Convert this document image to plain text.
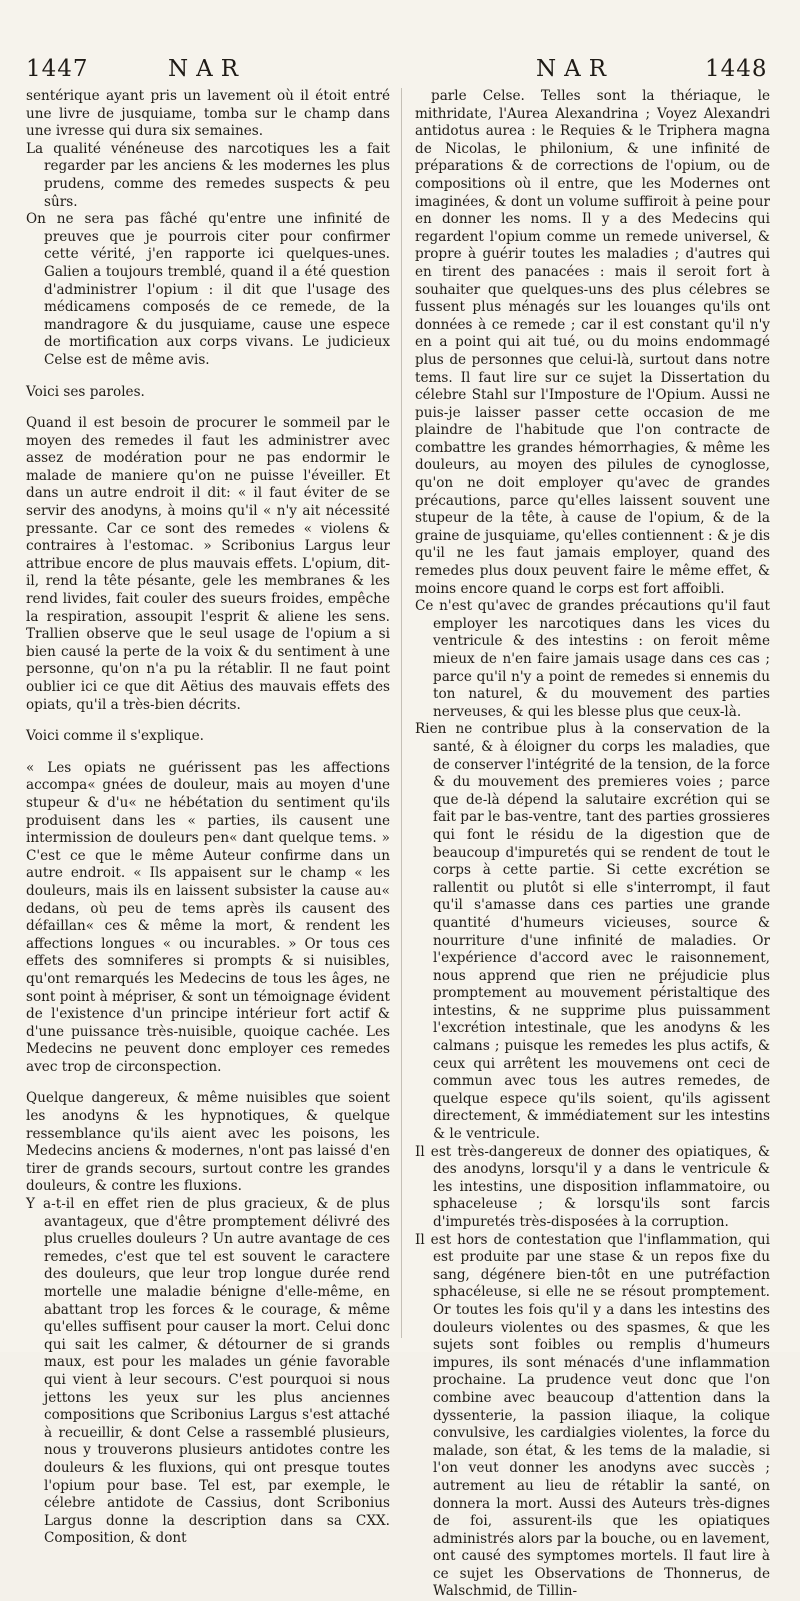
1447	NAR	NAR	1448

sentérique ayant pris un lavement où il étoit entré une livre de jusquiame, tomba sur le champ dans une ivresse qui dura six semaines.

La qualité vénéneuse des narcotiques les a fait regarder par les anciens & les modernes les plus prudens, comme des remedes suspects & peu sûrs.

On ne sera pas fâché qu'entre une infinité de preuves que je pourrois citer pour confirmer cette vérité, j'en rapporte ici quelques-unes. Galien a toujours tremblé, quand il a été question d'administrer l'opium : il dit que l'usage des médicamens composés de ce remede, de la mandragore & du jusquiame, cause une espece de mortification aux corps vivans. Le judicieux Celse est de même avis.

Voici ses paroles.

Quand il est besoin de procurer le sommeil par le moyen des remedes il faut les administrer avec assez de modération pour ne pas endormir le malade de maniere qu'on ne puisse l'éveiller. Et dans un autre endroit il dit: « il faut éviter de se servir des anodyns, à moins qu'il « n'y ait nécessité pressante. Car ce sont des remedes « violens & contraires à l'estomac. » Scribonius Largus leur attribue encore de plus mauvais effets. L'opium, dit-il, rend la tête pésante, gele les membranes & les rend livides, fait couler des sueurs froides, empêche la respiration, assoupit l'esprit & aliene les sens. Trallien observe que le seul usage de l'opium a si bien causé la perte de la voix & du sentiment à une personne, qu'on n'a pu la rétablir. Il ne faut point oublier ici ce que dit Aëtius des mauvais effets des opiats, qu'il a très-bien décrits.

Voici comme il s'explique.

« Les opiats ne guérissent pas les affections accompa« gnées de douleur, mais au moyen d'une stupeur & d'u« ne hébétation du sentiment qu'ils produisent dans les « parties, ils causent une intermission de douleurs pen« dant quelque tems. » C'est ce que le même Auteur confirme dans un autre endroit. « Ils appaisent sur le champ « les douleurs, mais ils en laissent subsister la cause au« dedans, où peu de tems après ils causent des défaillan« ces & même la mort, & rendent les affections longues « ou incurables. » Or tous ces effets des somniferes si prompts & si nuisibles, qu'ont remarqués les Medecins de tous les âges, ne sont point à mépriser, & sont un témoignage évident de l'existence d'un principe intérieur fort actif & d'une puissance très-nuisible, quoique cachée. Les Medecins ne peuvent donc employer ces remedes avec trop de circonspection.

Quelque dangereux, & même nuisibles que soient les anodyns & les hypnotiques, & quelque ressemblance qu'ils aient avec les poisons, les Medecins anciens & modernes, n'ont pas laissé d'en tirer de grands secours, surtout contre les grandes douleurs, & contre les fluxions.

Y a-t-il en effet rien de plus gracieux, & de plus avantageux, que d'être promptement délivré des plus cruelles douleurs ? Un autre avantage de ces remedes, c'est que tel est souvent le caractere des douleurs, que leur trop longue durée rend mortelle une maladie bénigne d'elle-même, en abattant trop les forces & le courage, & même qu'elles suffisent pour causer la mort. Celui donc qui sait les calmer, & détourner de si grands maux, est pour les malades un génie favorable qui vient à leur secours. C'est pourquoi si nous jettons les yeux sur les plus anciennes compositions que Scribonius Largus s'est attaché à recueillir, & dont Celse a rassemblé plusieurs, nous y trouverons plusieurs antidotes contre les douleurs & les fluxions, qui ont presque toutes l'opium pour base. Tel est, par exemple, le célebre antidote de Cassius, dont Scribonius Largus donne la description dans sa CXX. Composition, & dont

parle Celse. Telles sont la thériaque, le mithridate, l'Aurea Alexandrina ; Voyez Alexandri antidotus aurea : le Requies & le Triphera magna de Nicolas, le philonium, & une infinité de préparations & de corrections de l'opium, ou de compositions où il entre, que les Modernes ont imaginées, & dont un volume suffiroit à peine pour en donner les noms. Il y a des Medecins qui regardent l'opium comme un remede universel, & propre à guérir toutes les maladies ; d'autres qui en tirent des panacées : mais il seroit fort à souhaiter que quelques-uns des plus célebres se fussent plus ménagés sur les louanges qu'ils ont données à ce remede ; car il est constant qu'il n'y en a point qui ait tué, ou du moins endommagé plus de personnes que celui-là, surtout dans notre tems. Il faut lire sur ce sujet la Dissertation du célebre Stahl sur l'Imposture de l'Opium. Aussi ne puis-je laisser passer cette occasion de me plaindre de l'habitude que l'on contracte de combattre les grandes hémorrhagies, & même les douleurs, au moyen des pilules de cynoglosse, qu'on ne doit employer qu'avec de grandes précautions, parce qu'elles laissent souvent une stupeur de la tête, à cause de l'opium, & de la graine de jusquiame, qu'elles contiennent : & je dis qu'il ne les faut jamais employer, quand des remedes plus doux peuvent faire le même effet, & moins encore quand le corps est fort affoibli.

Ce n'est qu'avec de grandes précautions qu'il faut employer les narcotiques dans les vices du ventricule & des intestins : on feroit même mieux de n'en faire jamais usage dans ces cas ; parce qu'il n'y a point de remedes si ennemis du ton naturel, & du mouvement des parties nerveuses, & qui les blesse plus que ceux-là.

Rien ne contribue plus à la conservation de la santé, & à éloigner du corps les maladies, que de conserver l'intégrité de la tension, de la force & du mouvement des premieres voies ; parce que de-là dépend la salutaire excrétion qui se fait par le bas-ventre, tant des parties grossieres qui font le résidu de la digestion que de beaucoup d'impuretés qui se rendent de tout le corps à cette partie. Si cette excrétion se rallentit ou plutôt si elle s'interrompt, il faut qu'il s'amasse dans ces parties une grande quantité d'humeurs vicieuses, source & nourriture d'une infinité de maladies. Or l'expérience d'accord avec le raisonnement, nous apprend que rien ne préjudicie plus promptement au mouvement péristaltique des intestins, & ne supprime plus puissamment l'excrétion intestinale, que les anodyns & les calmans ; puisque les remedes les plus actifs, & ceux qui arrêtent les mouvemens ont ceci de commun avec tous les autres remedes, de quelque espece qu'ils soient, qu'ils agissent directement, & immédiatement sur les intestins & le ventricule.

Il est très-dangereux de donner des opiatiques, & des anodyns, lorsqu'il y a dans le ventricule & les intestins, une disposition inflammatoire, ou sphaceleuse ; & lorsqu'ils sont farcis d'impuretés très-disposées à la corruption.

Il est hors de contestation que l'inflammation, qui est produite par une stase & un repos fixe du sang, dégénere bien-tôt en une putréfaction sphacéleuse, si elle ne se résout promptement. Or toutes les fois qu'il y a dans les intestins des douleurs violentes ou des spasmes, & que les sujets sont foibles ou remplis d'humeurs impures, ils sont ménacés d'une inflammation prochaine. La prudence veut donc que l'on combine avec beaucoup d'attention dans la dyssenterie, la passion iliaque, la colique convulsive, les cardialgies violentes, la force du malade, son état, & les tems de la maladie, si l'on veut donner les anodyns avec succès ; autrement au lieu de rétablir la santé, on donnera la mort. Aussi des Auteurs très-dignes de foi, assurent-ils que les opiatiques administrés alors par la bouche, ou en lavement, ont causé des symptomes mortels. Il faut lire à ce sujet les Observations de Thonnerus, de Walschmid, de Tillin-
